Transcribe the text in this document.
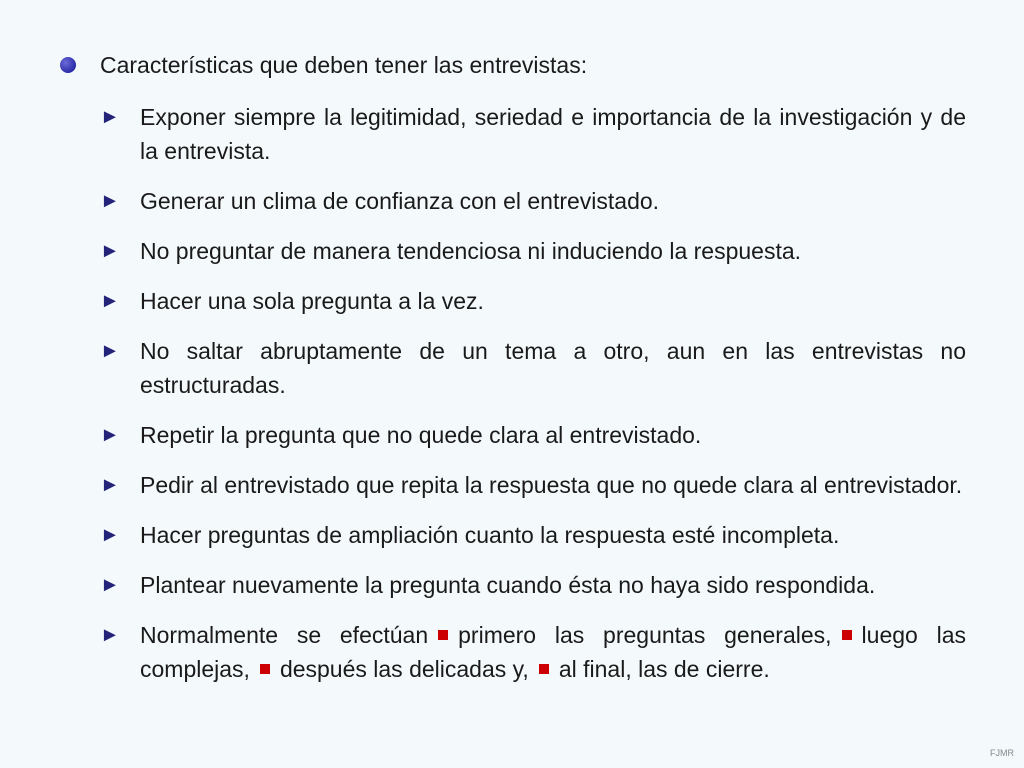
Características que deben tener las entrevistas:
► Exponer siempre la legitimidad, seriedad e importancia de la investigación y de la entrevista.
► Generar un clima de confianza con el entrevistado.
► No preguntar de manera tendenciosa ni induciendo la respuesta.
► Hacer una sola pregunta a la vez.
► No saltar abruptamente de un tema a otro, aun en las entrevistas no estructuradas.
► Repetir la pregunta que no quede clara al entrevistado.
► Pedir al entrevistado que repita la respuesta que no quede clara al entrevistador.
► Hacer preguntas de ampliación cuanto la respuesta esté incompleta.
► Plantear nuevamente la pregunta cuando ésta no haya sido respondida.
► Normalmente se efectúan primero las preguntas generales, luego las complejas, después las delicadas y, al final, las de cierre.
FJMR
